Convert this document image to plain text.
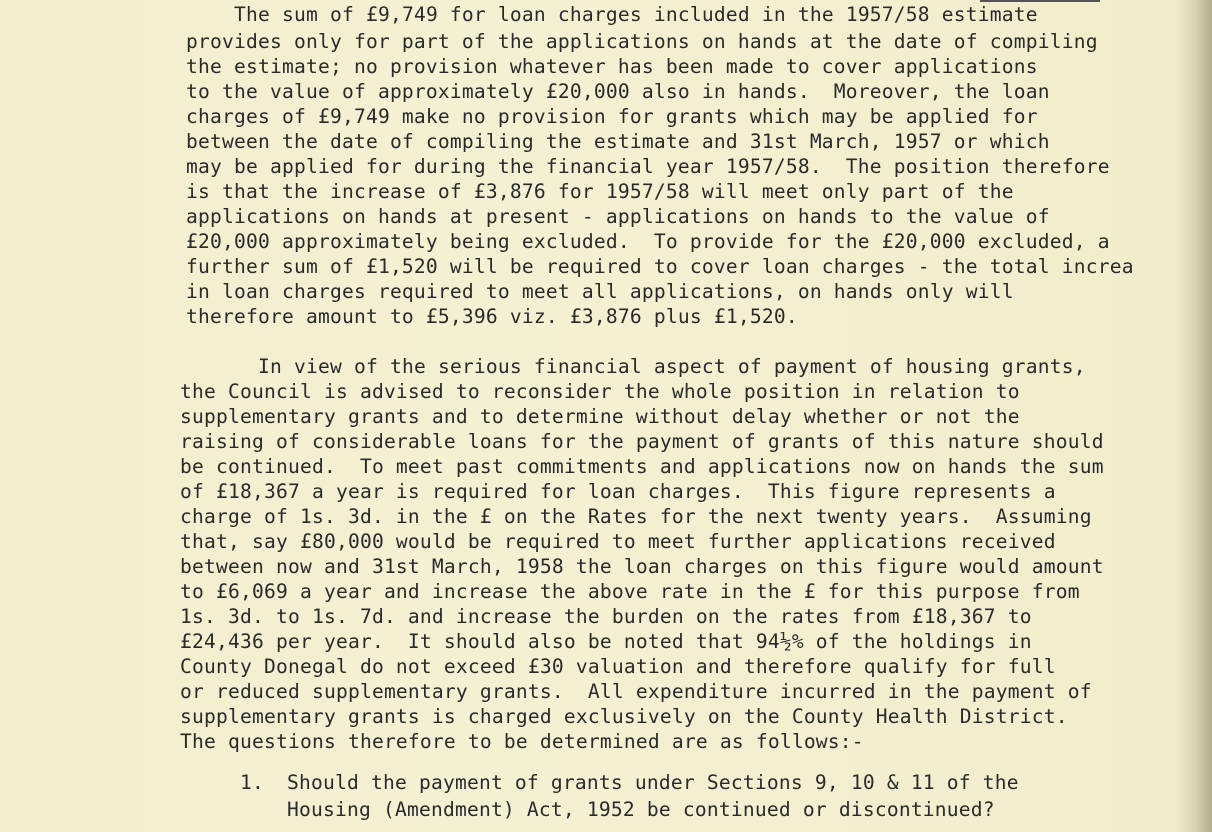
The sum of £9,749 for loan charges included in the 1957/58 estimate
provides only for part of the applications on hands at the date of compiling
the estimate; no provision whatever has been made to cover applications
to the value of approximately £20,000 also in hands.  Moreover, the loan
charges of £9,749 make no provision for grants which may be applied for
between the date of compiling the estimate and 31st March, 1957 or which
may be applied for during the financial year 1957/58.  The position therefore
is that the increase of £3,876 for 1957/58 will meet only part of the
applications on hands at present - applications on hands to the value of
£20,000 approximately being excluded.  To provide for the £20,000 excluded, a
further sum of £1,520 will be required to cover loan charges - the total increa
in loan charges required to meet all applications, on hands only will
therefore amount to £5,396 viz. £3,876 plus £1,520.
In view of the serious financial aspect of payment of housing grants,
the Council is advised to reconsider the whole position in relation to
supplementary grants and to determine without delay whether or not the
raising of considerable loans for the payment of grants of this nature should
be continued.  To meet past commitments and applications now on hands the sum
of £18,367 a year is required for loan charges.  This figure represents a
charge of 1s. 3d. in the £ on the Rates for the next twenty years.  Assuming
that, say £80,000 would be required to meet further applications received
between now and 31st March, 1958 the loan charges on this figure would amount
to £6,069 a year and increase the above rate in the £ for this purpose from
1s. 3d. to 1s. 7d. and increase the burden on the rates from £18,367 to
£24,436 per year.  It should also be noted that 94½% of the holdings in
County Donegal do not exceed £30 valuation and therefore qualify for full
or reduced supplementary grants.  All expenditure incurred in the payment of
supplementary grants is charged exclusively on the County Health District.
The questions therefore to be determined are as follows:-
1. Should the payment of grants under Sections 9, 10 & 11 of the
Housing (Amendment) Act, 1952 be continued or discontinued?
